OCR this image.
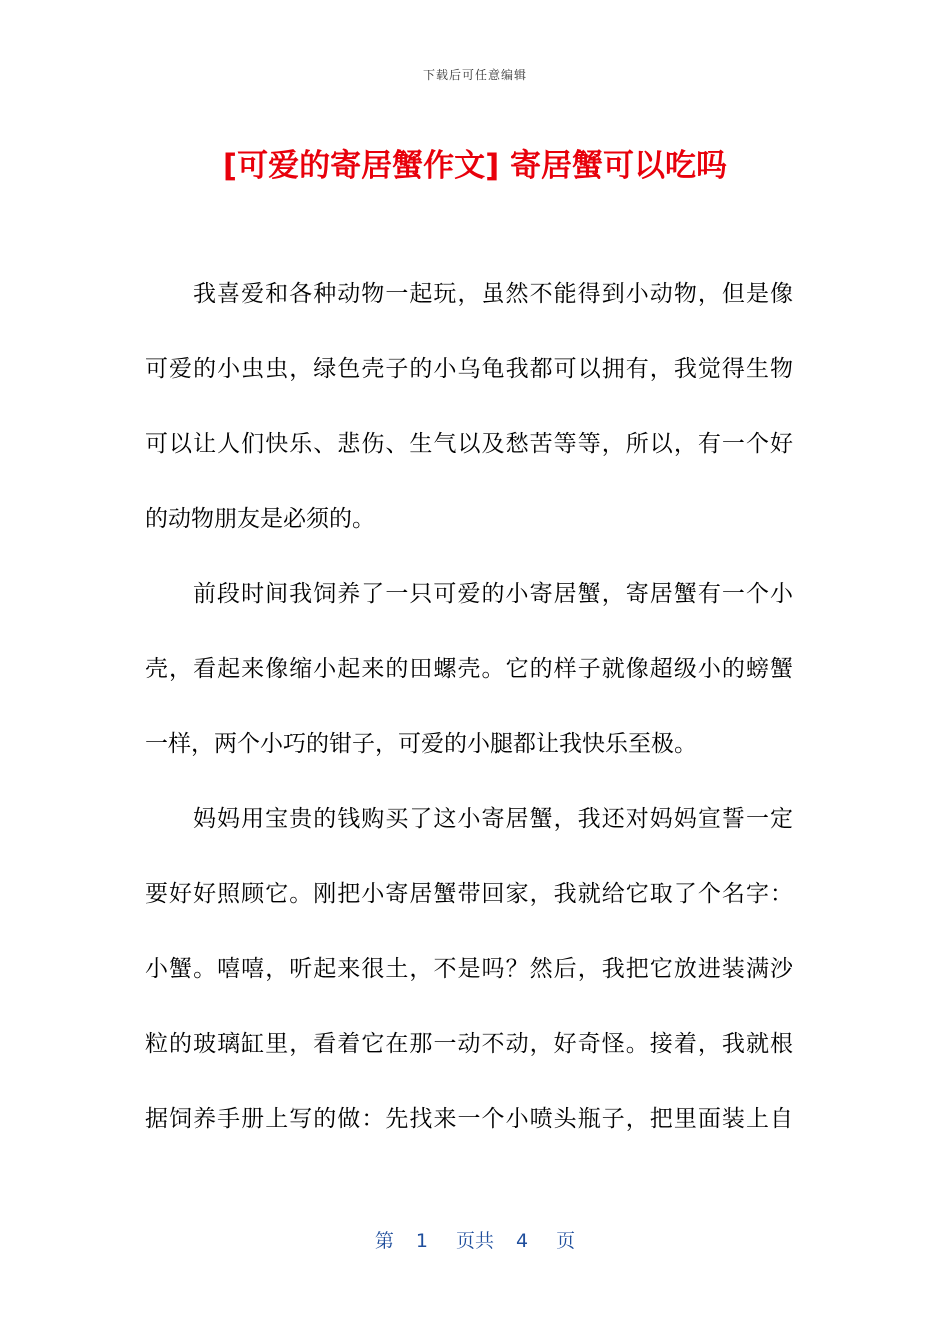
下载后可任意编辑
[可爱的寄居蟹作文] 寄居蟹可以吃吗
我喜爱和各种动物一起玩，虽然不能得到小动物，但是像
可爱的小虫虫，绿色壳子的小乌龟我都可以拥有，我觉得生物
可以让人们快乐、悲伤、生气以及愁苦等等，所以，有一个好
的动物朋友是必须的。
前段时间我饲养了一只可爱的小寄居蟹，寄居蟹有一个小
壳，看起来像缩小起来的田螺壳。它的样子就像超级小的螃蟹
一样，两个小巧的钳子，可爱的小腿都让我快乐至极。
妈妈用宝贵的钱购买了这小寄居蟹，我还对妈妈宣誓一定
要好好照顾它。刚把小寄居蟹带回家，我就给它取了个名字：
小蟹。嘻嘻，听起来很土，不是吗？然后，我把它放进装满沙
粒的玻璃缸里，看着它在那一动不动，好奇怪。接着，我就根
据饲养手册上写的做：先找来一个小喷头瓶子，把里面装上自
第 1 页共 4 页
